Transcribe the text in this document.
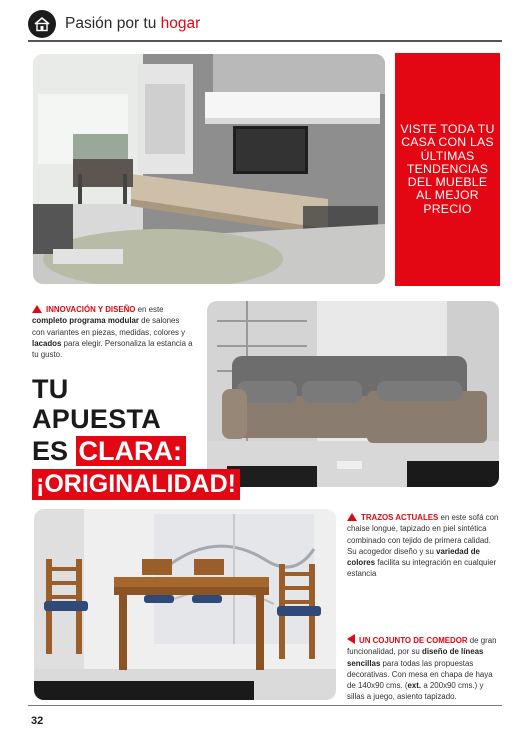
Pasión por tu hogar
VISTE TODA TU CASA CON LAS ÚLTIMAS TENDENCIAS DEL MUEBLE AL MEJOR PRECIO
INNOVACIÓN Y DISEÑO en este completo programa modular de salones con variantes en piezas, medidas, colores y lacados para elegir. Personaliza la estancia a tu gusto.
TU APUESTA
ES CLARA:
¡ORIGINALIDAD!
TRAZOS ACTUALES en este sofá con chaise longue, tapizado en piel sintética combinado con tejido de primera calidad. Su acogedor diseño y su variedad de colores facilita su integración en cualquier estancia
UN COJUNTO DE COMEDOR de gran funcionalidad, por su diseño de líneas sencillas para todas las propuestas decorativas. Con mesa en chapa de haya de 140x90 cms. (ext. a 200x90 cms.) y sillas a juego, asiento tapizado.
32
